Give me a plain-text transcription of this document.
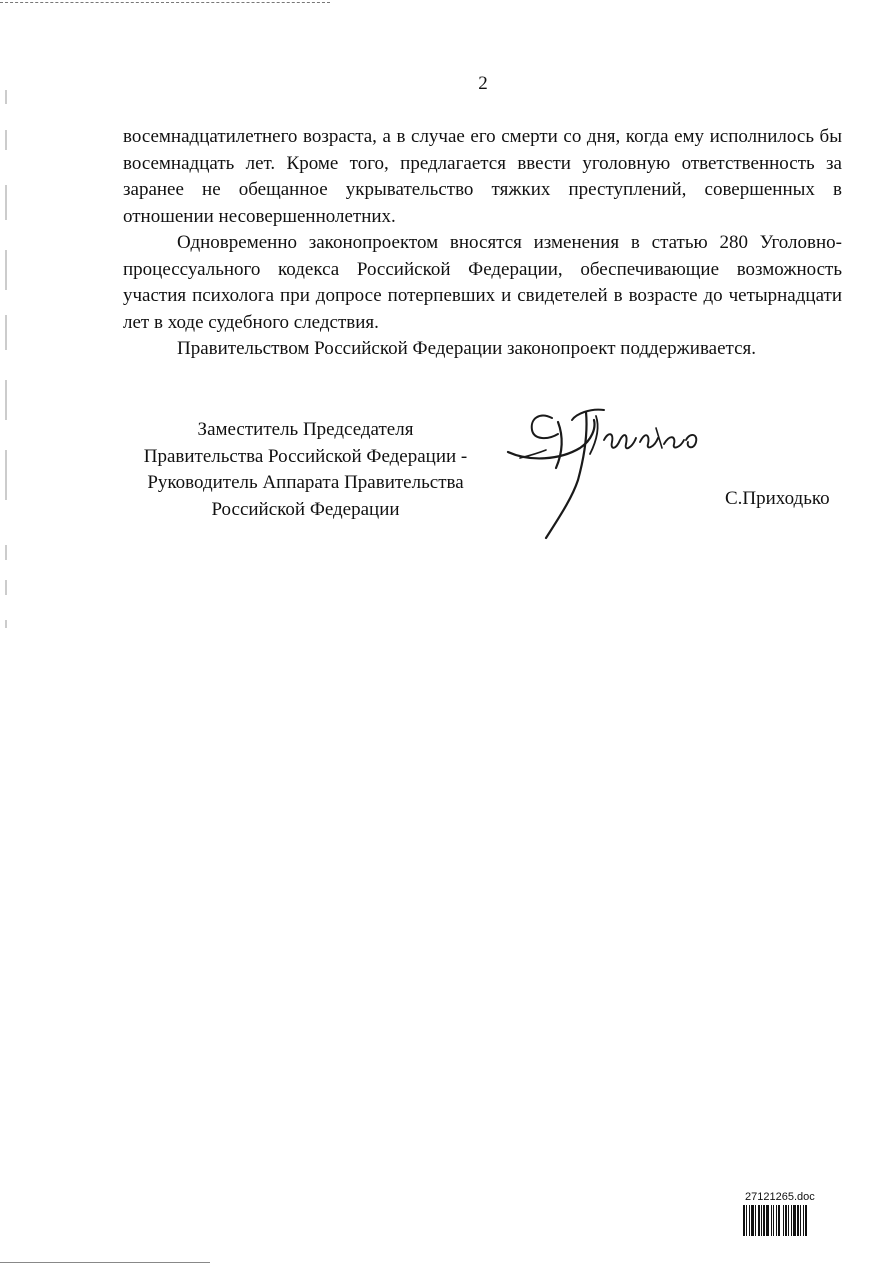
2

восемнадцатилетнего возраста, а в случае его смерти со дня, когда ему исполнилось бы восемнадцать лет. Кроме того, предлагается ввести уголовную ответственность за заранее не обещанное укрывательство тяжких преступлений, совершенных в отношении несовершеннолетних.

Одновременно законопроектом вносятся изменения в статью 280 Уголовно-процессуального кодекса Российской Федерации, обеспечивающие возможность участия психолога при допросе потерпевших и свидетелей в возрасте до четырнадцати лет в ходе судебного следствия.

Правительством Российской Федерации законопроект поддерживается.

Заместитель Председателя
Правительства Российской Федерации -
Руководитель Аппарата Правительства
Российской Федерации	С.Приходько
27121265.doc
